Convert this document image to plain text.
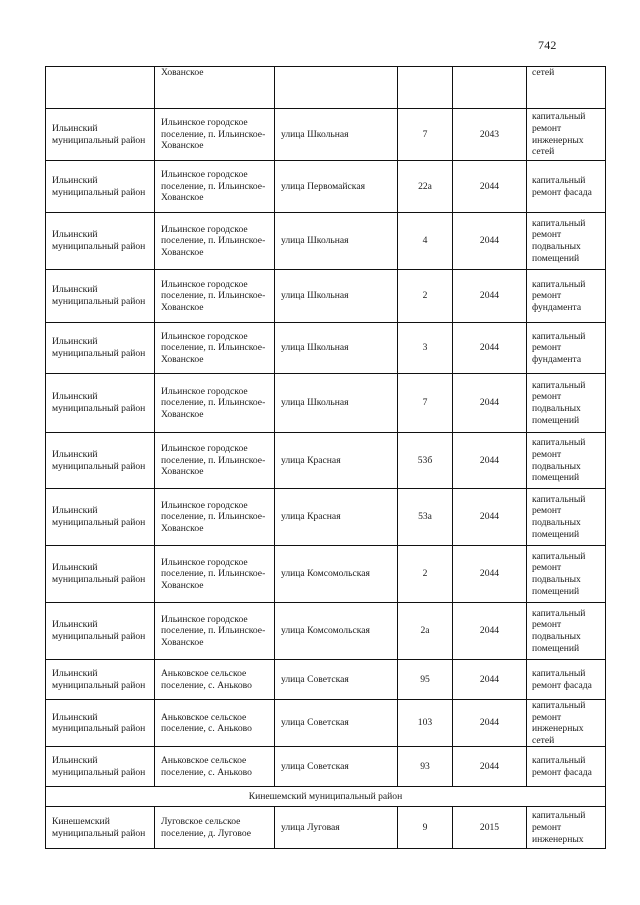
742
	Хованское				сетей
Ильинский муниципальный район	Ильинское городское поселение, п. Ильинское-Хованское	улица Школьная	7	2043	капитальный ремонт инженерных сетей
Ильинский муниципальный район	Ильинское городское поселение, п. Ильинское-Хованское	улица Первомайская	22а	2044	капитальный ремонт фасада
Ильинский муниципальный район	Ильинское городское поселение, п. Ильинское-Хованское	улица Школьная	4	2044	капитальный ремонт подвальных помещений
Ильинский муниципальный район	Ильинское городское поселение, п. Ильинское-Хованское	улица Школьная	2	2044	капитальный ремонт фундамента
Ильинский муниципальный район	Ильинское городское поселение, п. Ильинское-Хованское	улица Школьная	3	2044	капитальный ремонт фундамента
Ильинский муниципальный район	Ильинское городское поселение, п. Ильинское-Хованское	улица Школьная	7	2044	капитальный ремонт подвальных помещений
Ильинский муниципальный район	Ильинское городское поселение, п. Ильинское-Хованское	улица Красная	53б	2044	капитальный ремонт подвальных помещений
Ильинский муниципальный район	Ильинское городское поселение, п. Ильинское-Хованское	улица Красная	53а	2044	капитальный ремонт подвальных помещений
Ильинский муниципальный район	Ильинское городское поселение, п. Ильинское-Хованское	улица Комсомольская	2	2044	капитальный ремонт подвальных помещений
Ильинский муниципальный район	Ильинское городское поселение, п. Ильинское-Хованское	улица Комсомольская	2а	2044	капитальный ремонт подвальных помещений
Ильинский муниципальный район	Аньковское сельское поселение, с. Аньково	улица Советская	95	2044	капитальный ремонт фасада
Ильинский муниципальный район	Аньковское сельское поселение, с. Аньково	улица Советская	103	2044	капитальный ремонт инженерных сетей
Ильинский муниципальный район	Аньковское сельское поселение, с. Аньково	улица Советская	93	2044	капитальный ремонт фасада
Кинешемский муниципальный район					
Кинешемский муниципальный район	Луговское сельское поселение, д. Луговое	улица Луговая	9	2015	капитальный ремонт инженерных
